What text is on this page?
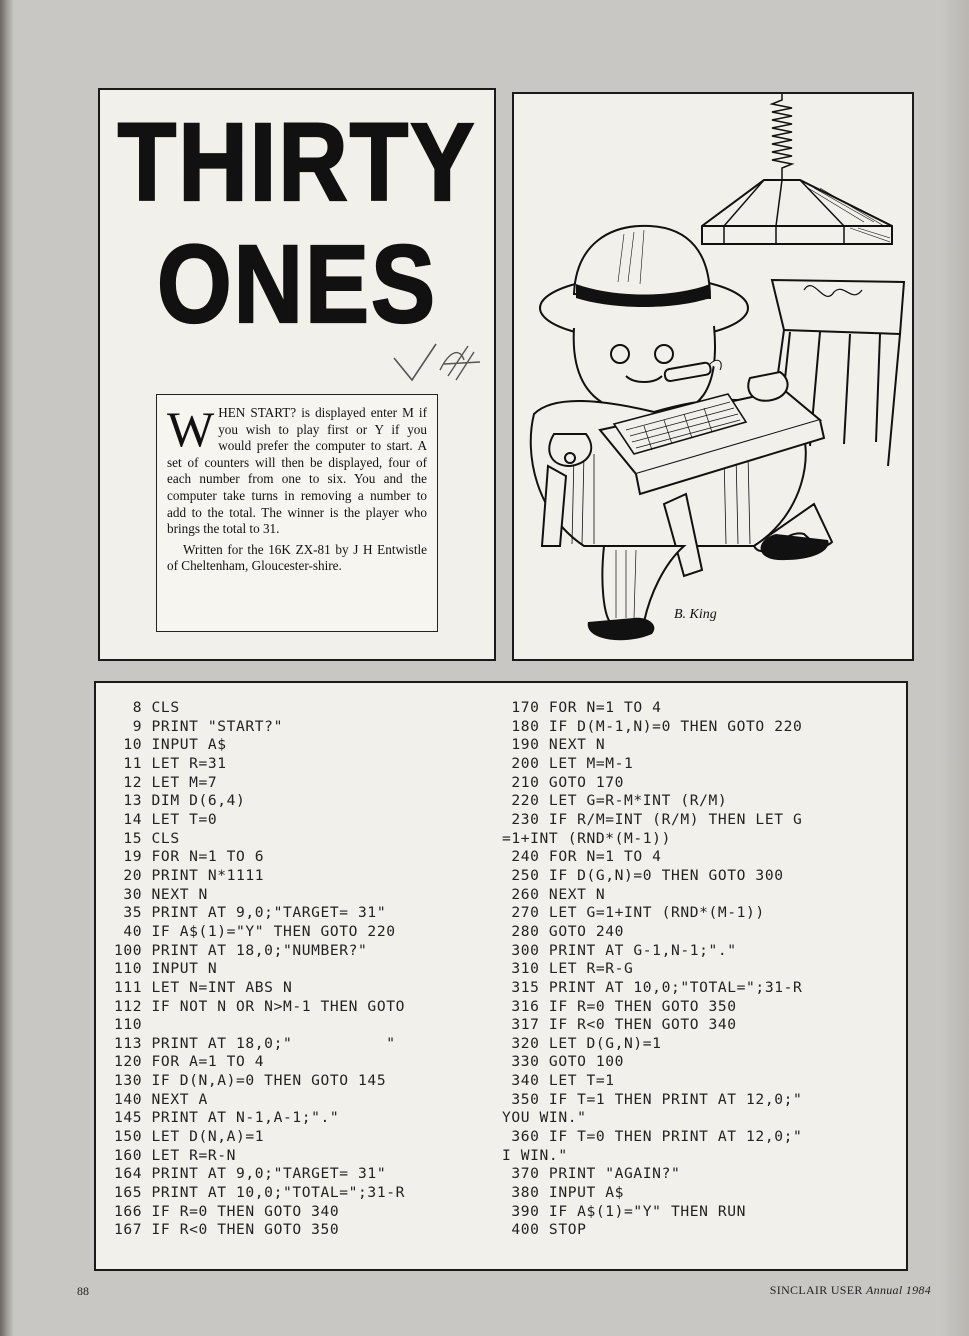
THIRTY
ONES
WHEN START? is displayed enter M if you wish to play first or Y if you would prefer the computer to start. A set of counters will then be displayed, four of each number from one to six. You and the computer take turns in removing a number to add to the total. The winner is the player who brings the total to 31.
Written for the 16K ZX-81 by J H Entwistle of Cheltenham, Gloucester-shire.
B. King
8 CLS
9 PRINT "START?"
10 INPUT A$
11 LET R=31
12 LET M=7
13 DIM D(6,4)
14 LET T=0
15 CLS
19 FOR N=1 TO 6
20 PRINT N*1111
30 NEXT N
35 PRINT AT 9,0;"TARGET= 31"
40 IF A$(1)="Y" THEN GOTO 220
100 PRINT AT 18,0;"NUMBER?"
110 INPUT N
111 LET N=INT ABS N
112 IF NOT N OR N>M-1 THEN GOTO
110
113 PRINT AT 18,0;"          "
120 FOR A=1 TO 4
130 IF D(N,A)=0 THEN GOTO 145
140 NEXT A
145 PRINT AT N-1,A-1;"."
150 LET D(N,A)=1
160 LET R=R-N
164 PRINT AT 9,0;"TARGET= 31"
165 PRINT AT 10,0;"TOTAL=";31-R
166 IF R=0 THEN GOTO 340
167 IF R<0 THEN GOTO 350
170 FOR N=1 TO 4
180 IF D(M-1,N)=0 THEN GOTO 220
190 NEXT N
200 LET M=M-1
210 GOTO 170
220 LET G=R-M*INT (R/M)
230 IF R/M=INT (R/M) THEN LET G
=1+INT (RND*(M-1))
240 FOR N=1 TO 4
250 IF D(G,N)=0 THEN GOTO 300
260 NEXT N
270 LET G=1+INT (RND*(M-1))
280 GOTO 240
300 PRINT AT G-1,N-1;"."
310 LET R=R-G
315 PRINT AT 10,0;"TOTAL=";31-R
316 IF R=0 THEN GOTO 350
317 IF R<0 THEN GOTO 340
320 LET D(G,N)=1
330 GOTO 100
340 LET T=1
350 IF T=1 THEN PRINT AT 12,0;"
YOU WIN."
360 IF T=0 THEN PRINT AT 12,0;"
I WIN."
370 PRINT "AGAIN?"
380 INPUT A$
390 IF A$(1)="Y" THEN RUN
400 STOP
88	SINCLAIR USER Annual 1984
